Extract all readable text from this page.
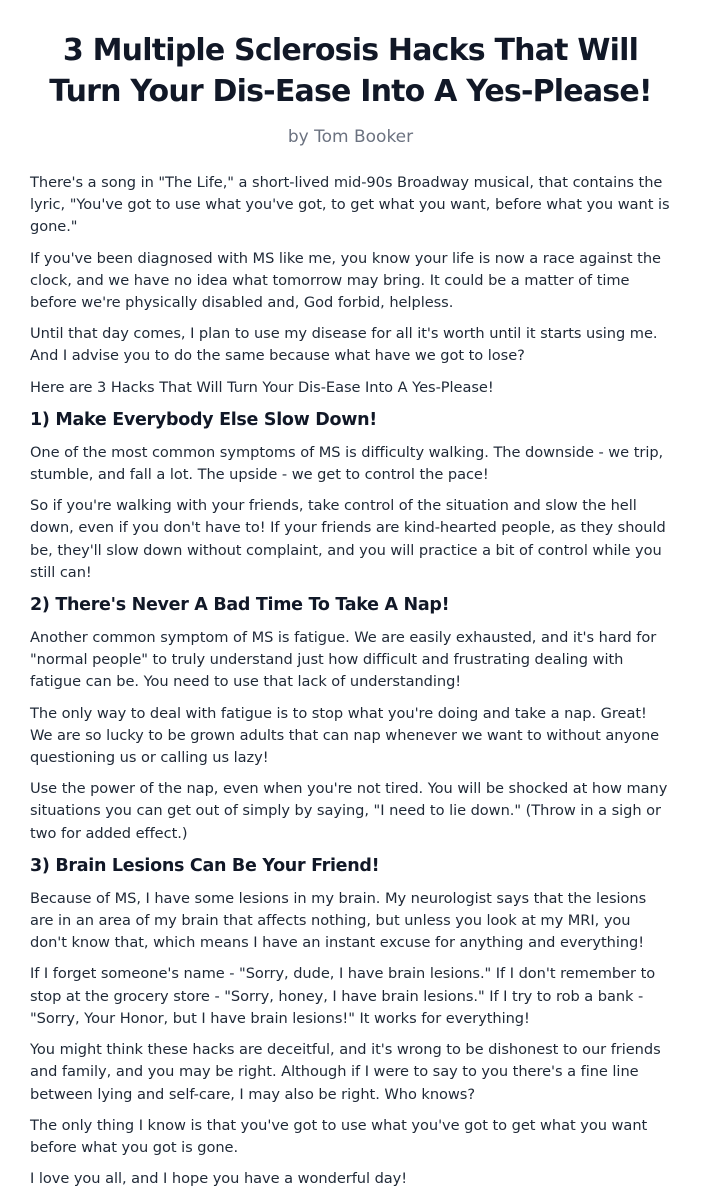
3 Multiple Sclerosis Hacks That Will Turn Your Dis-Ease Into A Yes-Please!
by Tom Booker

There's a song in "The Life," a short-lived mid-90s Broadway musical, that contains the lyric, "You've got to use what you've got, to get what you want, before what you want is gone."

If you've been diagnosed with MS like me, you know your life is now a race against the clock, and we have no idea what tomorrow may bring. It could be a matter of time before we're physically disabled and, God forbid, helpless.

Until that day comes, I plan to use my disease for all it's worth until it starts using me. And I advise you to do the same because what have we got to lose?

Here are 3 Hacks That Will Turn Your Dis-Ease Into A Yes-Please!

1) Make Everybody Else Slow Down!

One of the most common symptoms of MS is difficulty walking. The downside - we trip, stumble, and fall a lot. The upside - we get to control the pace!

So if you're walking with your friends, take control of the situation and slow the hell down, even if you don't have to! If your friends are kind-hearted people, as they should be, they'll slow down without complaint, and you will practice a bit of control while you still can!

2) There's Never A Bad Time To Take A Nap!

Another common symptom of MS is fatigue. We are easily exhausted, and it's hard for "normal people" to truly understand just how difficult and frustrating dealing with fatigue can be. You need to use that lack of understanding!

The only way to deal with fatigue is to stop what you're doing and take a nap. Great! We are so lucky to be grown adults that can nap whenever we want to without anyone questioning us or calling us lazy!

Use the power of the nap, even when you're not tired. You will be shocked at how many situations you can get out of simply by saying, "I need to lie down." (Throw in a sigh or two for added effect.)

3) Brain Lesions Can Be Your Friend!

Because of MS, I have some lesions in my brain. My neurologist says that the lesions are in an area of my brain that affects nothing, but unless you look at my MRI, you don't know that, which means I have an instant excuse for anything and everything!

If I forget someone's name - "Sorry, dude, I have brain lesions." If I don't remember to stop at the grocery store - "Sorry, honey, I have brain lesions." If I try to rob a bank - "Sorry, Your Honor, but I have brain lesions!" It works for everything!

You might think these hacks are deceitful, and it's wrong to be dishonest to our friends and family, and you may be right. Although if I were to say to you there's a fine line between lying and self-care, I may also be right. Who knows?

The only thing I know is that you've got to use what you've got to get what you want before what you got is gone.

I love you all, and I hope you have a wonderful day!
